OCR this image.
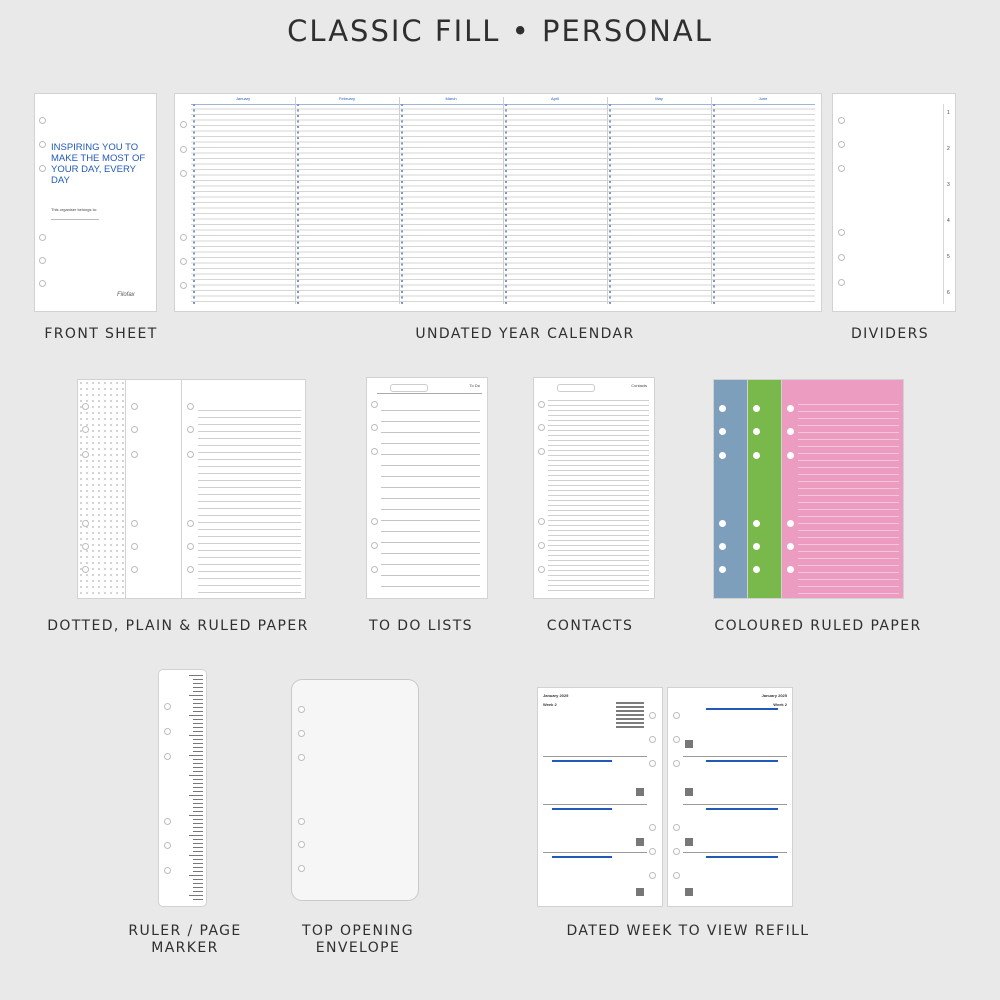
CLASSIC FILL • PERSONAL
This organiser belongs to:
Filofax
INSPIRING YOU TO MAKE THE MOST OF YOUR DAY, EVERY DAY
FRONT SHEET
January	February	March	April	May	June
UNDATED YEAR CALENDAR
1
2
3
4
5
6
DIVIDERS
DOTTED, PLAIN & RULED PAPER
To Do
TO DO LISTS
Contacts
CONTACTS	COLOURED RULED PAPER
RULER / PAGE
MARKER
TOP OPENING
ENVELOPE
January 2025
Week 2
January 2025
Week 2
DATED WEEK TO VIEW REFILL
